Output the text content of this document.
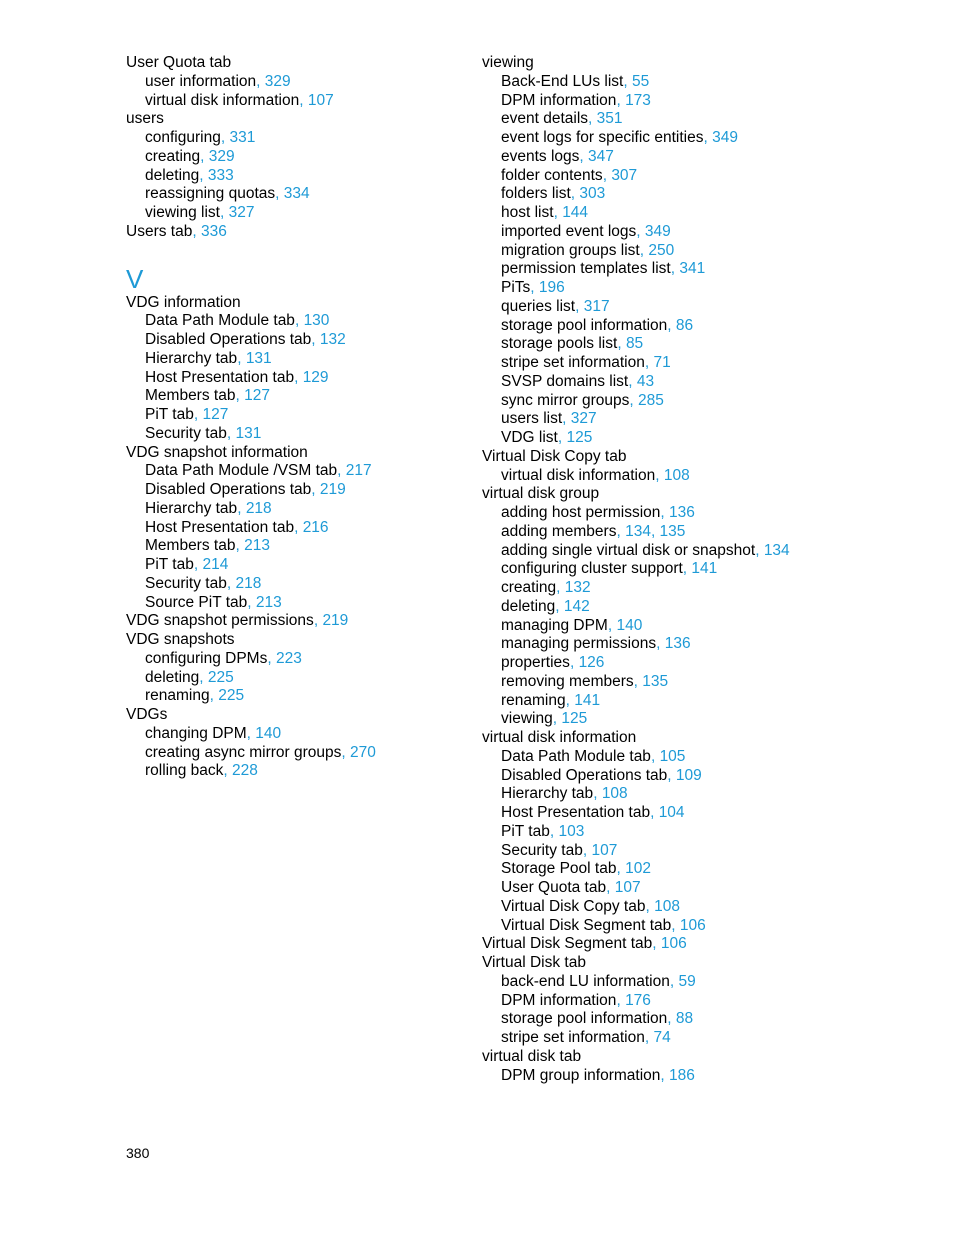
User Quota tab
user information, 329
virtual disk information, 107
users
configuring, 331
creating, 329
deleting, 333
reassigning quotas, 334
viewing list, 327
Users tab, 336
V
VDG information
Data Path Module tab, 130
Disabled Operations tab, 132
Hierarchy tab, 131
Host Presentation tab, 129
Members tab, 127
PiT tab, 127
Security tab, 131
VDG snapshot information
Data Path Module /VSM tab, 217
Disabled Operations tab, 219
Hierarchy tab, 218
Host Presentation tab, 216
Members tab, 213
PiT tab, 214
Security tab, 218
Source PiT tab, 213
VDG snapshot permissions, 219
VDG snapshots
configuring DPMs, 223
deleting, 225
renaming, 225
VDGs
changing DPM, 140
creating async mirror groups, 270
rolling back, 228
viewing
Back-End LUs list, 55
DPM information, 173
event details, 351
event logs for specific entities, 349
events logs, 347
folder contents, 307
folders list, 303
host list, 144
imported event logs, 349
migration groups list, 250
permission templates list, 341
PiTs, 196
queries list, 317
storage pool information, 86
storage pools list, 85
stripe set information, 71
SVSP domains list, 43
sync mirror groups, 285
users list, 327
VDG list, 125
Virtual Disk Copy tab
virtual disk information, 108
virtual disk group
adding host permission, 136
adding members, 134, 135
adding single virtual disk or snapshot, 134
configuring cluster support, 141
creating, 132
deleting, 142
managing DPM, 140
managing permissions, 136
properties, 126
removing members, 135
renaming, 141
viewing, 125
virtual disk information
Data Path Module tab, 105
Disabled Operations tab, 109
Hierarchy tab, 108
Host Presentation tab, 104
PiT tab, 103
Security tab, 107
Storage Pool tab, 102
User Quota tab, 107
Virtual Disk Copy tab, 108
Virtual Disk Segment tab, 106
Virtual Disk Segment tab, 106
Virtual Disk tab
back-end LU information, 59
DPM information, 176
storage pool information, 88
stripe set information, 74
virtual disk tab
DPM group information, 186
380
